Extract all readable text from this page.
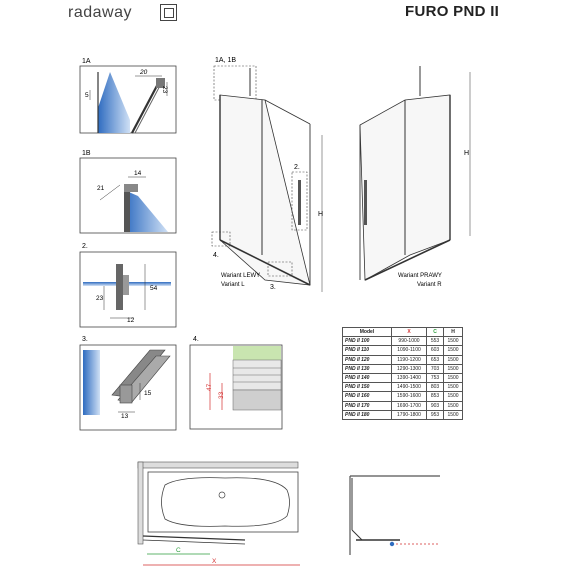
radaway	FURO PND II
1A
20
5
23
1B
14
21
2.
23
54
12
3.
13
15
4.
47
33
1A, 1B
2.
4.
3.
H
Wariant LEWY
Variant L
H
Wariant PRAWY
Variant R
C
X
Model	X	C	H
PND II 100	990-1000	553	1500
PND II 110	1090-1100	603	1500
PND II 120	1190-1200	653	1500
PND II 130	1290-1300	703	1500
PND II 140	1390-1400	753	1500
PND II 150	1490-1500	803	1500
PND II 160	1590-1600	853	1500
PND II 170	1690-1700	903	1500
PND II 180	1790-1800	953	1500
